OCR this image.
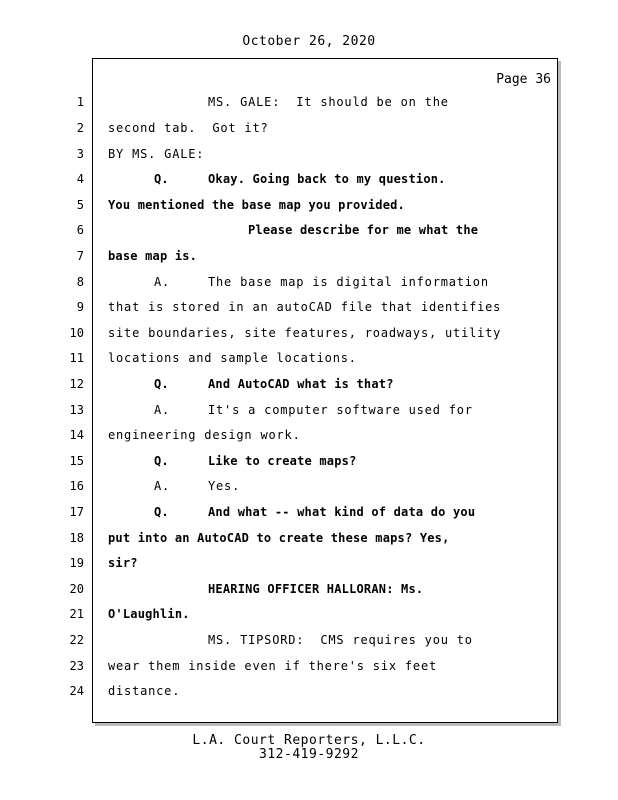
October 26, 2020
Page 36
1
2
3
4
5
6
7
8
9
10
11
12
13
14
15
16
17
18
19
20
21
22
23
24
MS. GALE:  It should be on the
second tab.  Got it?
BY MS. GALE:
Q.	Okay. Going back to my question.
You mentioned the base map you provided.
Please describe for me what the
base map is.
A.	The base map is digital information
that is stored in an autoCAD file that identifies
site boundaries, site features, roadways, utility
locations and sample locations.
Q.	And AutoCAD what is that?
A.	It's a computer software used for
engineering design work.
Q.	Like to create maps?
A.	Yes.
Q.	And what -- what kind of data do you
put into an AutoCAD to create these maps? Yes,
sir?
HEARING OFFICER HALLORAN: Ms.
O'Laughlin.
MS. TIPSORD:  CMS requires you to
wear them inside even if there's six feet
distance.
L.A. Court Reporters, L.L.C.
312-419-9292
